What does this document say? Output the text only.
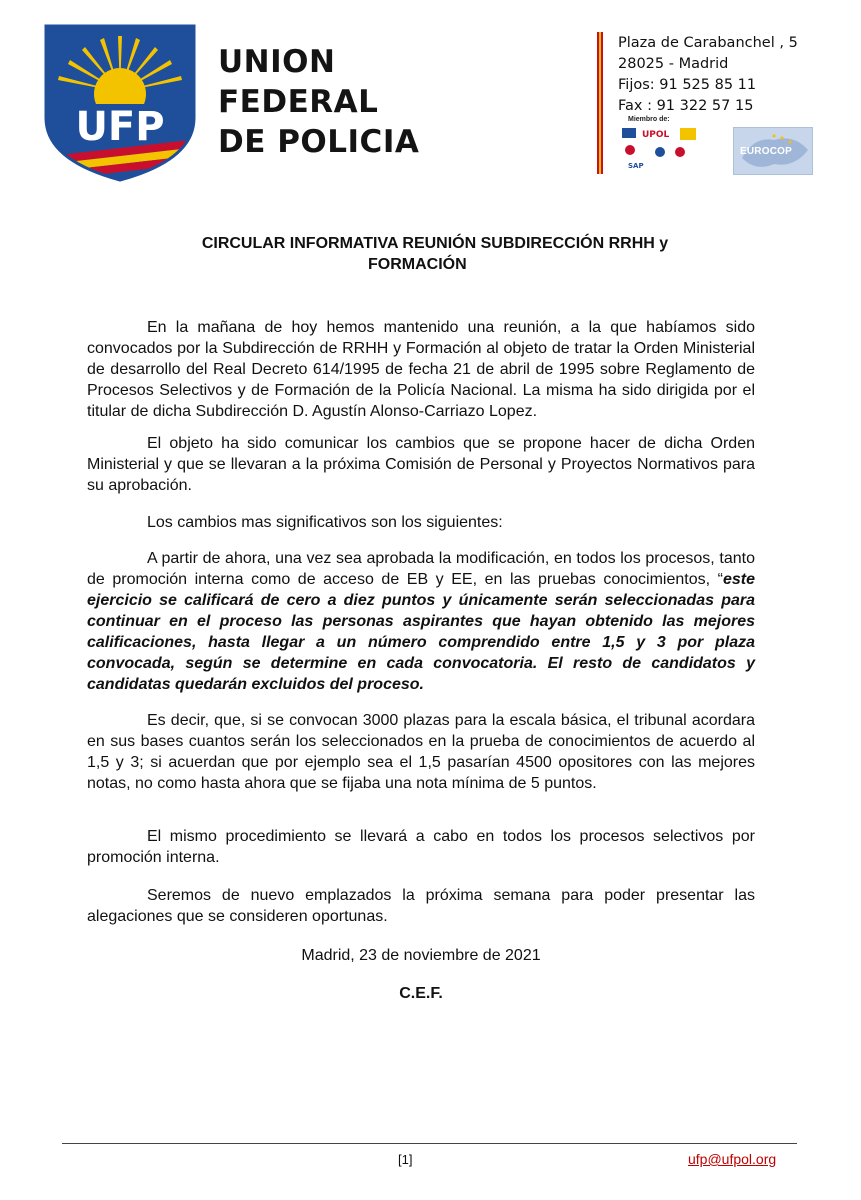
UFP
UNION
FEDERAL
DE POLICIA
Plaza de Carabanchel , 5
28025 - Madrid
Fijos: 91 525 85 11
Fax : 91 322 57 15
Miembro de:
UPOL
SAP
EUROCOP
CIRCULAR INFORMATIVA REUNIÓN SUBDIRECCIÓN RRHH y
FORMACIÓN

En la mañana de hoy hemos mantenido una reunión, a la que habíamos sido convocados por la Subdirección de RRHH y Formación al objeto de tratar la Orden Ministerial de desarrollo del Real Decreto 614/1995 de fecha 21 de abril de 1995 sobre Reglamento de Procesos Selectivos y de Formación de la Policía Nacional. La misma ha sido dirigida por el titular de dicha Subdirección D. Agustín Alonso-Carriazo Lopez.

El objeto ha sido comunicar los cambios que se propone hacer de dicha Orden Ministerial y que se llevaran a la próxima Comisión de Personal y Proyectos Normativos para su aprobación.

Los cambios mas significativos son los siguientes:

A partir de ahora, una vez sea aprobada la modificación, en todos los procesos, tanto de promoción interna como de acceso de EB y EE, en las pruebas conocimientos, “este ejercicio se calificará de cero a diez puntos y únicamente serán seleccionadas para continuar en el proceso las personas aspirantes que hayan obtenido las mejores calificaciones, hasta llegar a un número comprendido entre 1,5 y 3 por plaza convocada, según se determine en cada convocatoria. El resto de candidatos y candidatas quedarán excluidos del proceso.

Es decir, que, si se convocan 3000 plazas para la escala básica, el tribunal acordara en sus bases cuantos serán los seleccionados en la prueba de conocimientos de acuerdo al 1,5 y 3; si acuerdan que por ejemplo sea el 1,5 pasarían 4500 opositores con las mejores notas, no como hasta ahora que se fijaba una nota mínima de 5 puntos.

El mismo procedimiento se llevará a cabo en todos los procesos selectivos por promoción interna.

Seremos de nuevo emplazados la próxima semana para poder presentar las alegaciones que se consideren oportunas.

Madrid, 23 de noviembre de 2021
C.E.F.
[1]	ufp@ufpol.org
